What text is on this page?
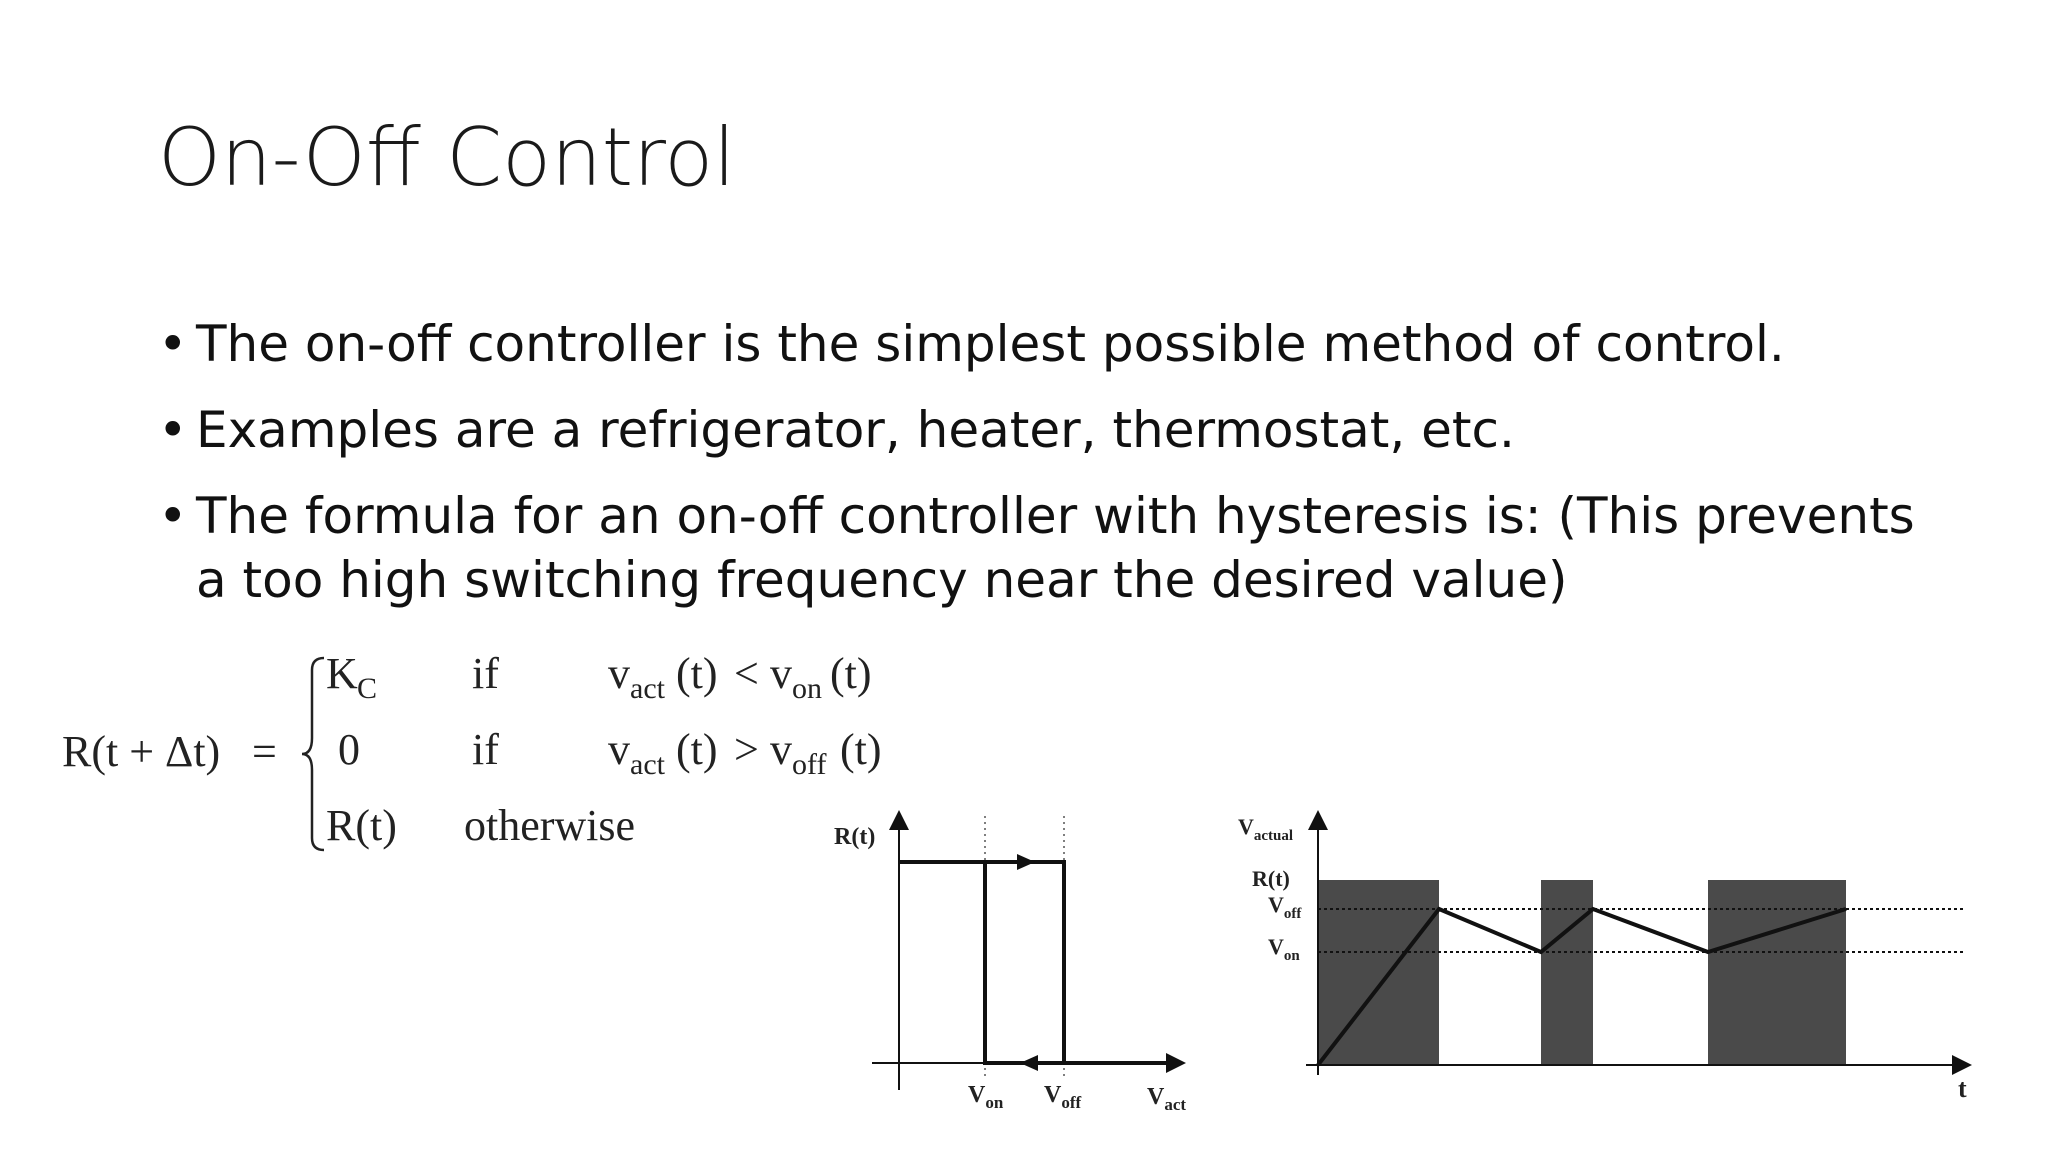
On-Off Control
• The on-off controller is the simplest possible method of control.
• Examples are a refrigerator, heater, thermostat, etc.
• The formula for an on-off controller with hysteresis is: (This prevents a too high switching frequency near the desired value)
R(t + Δt) =
K C if v act (t) < v on (t)
0	if v act (t) > v off (t)
R(t) otherwise	R(t)
$V_{on}$ $V_{off}$	$V_{act}$
$V_{actual}$
R(t)
$V_{off}$
$V_{on}$
t
